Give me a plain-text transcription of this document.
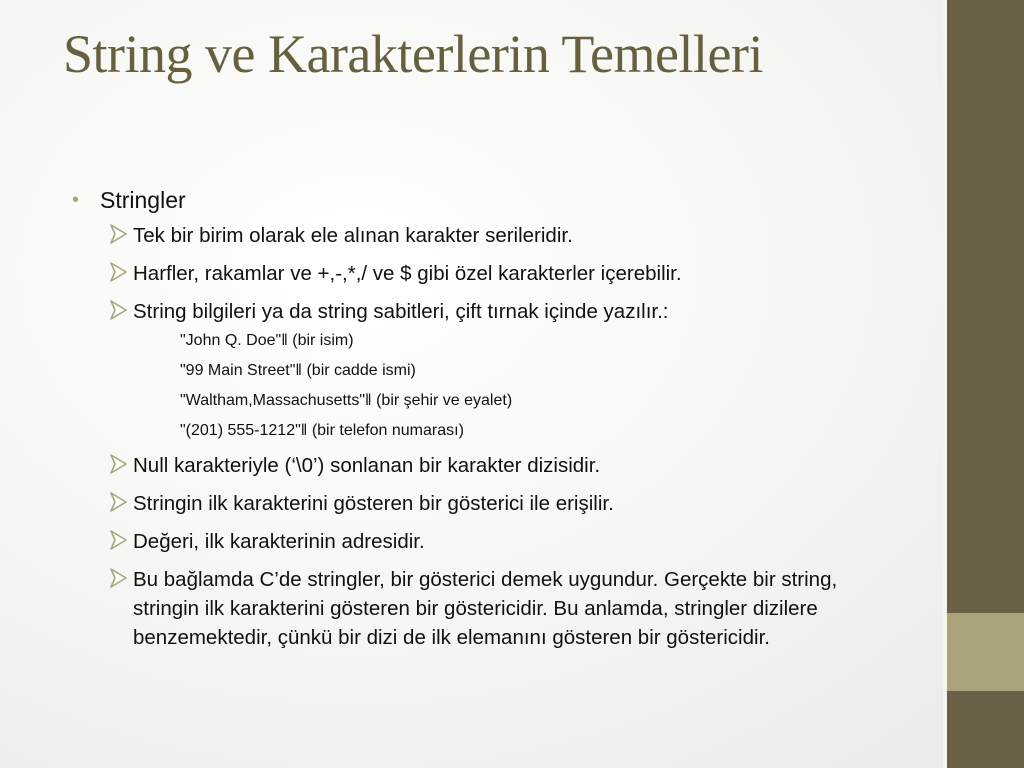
String ve Karakterlerin Temelleri
• Stringler
Tek bir birim olarak ele alınan karakter serileridir.
Harfler, rakamlar ve +,-,*,/ ve $ gibi özel karakterler içerebilir.
String bilgileri ya da string sabitleri, çift tırnak içinde yazılır.:
"John Q. Doe"‖ (bir isim)
"99 Main Street"‖ (bir cadde ismi)
"Waltham,Massachusetts"‖ (bir şehir ve eyalet)
"(201) 555-1212"‖ (bir telefon numarası)
Null karakteriyle (‘\0’) sonlanan bir karakter dizisidir.
Stringin ilk karakterini gösteren bir gösterici ile erişilir.
Değeri, ilk karakterinin adresidir.
Bu bağlamda C’de stringler, bir gösterici demek uygundur. Gerçekte bir string, stringin ilk karakterini gösteren bir göstericidir. Bu anlamda, stringler dizilere benzemektedir, çünkü bir dizi de ilk elemanını gösteren bir göstericidir.
